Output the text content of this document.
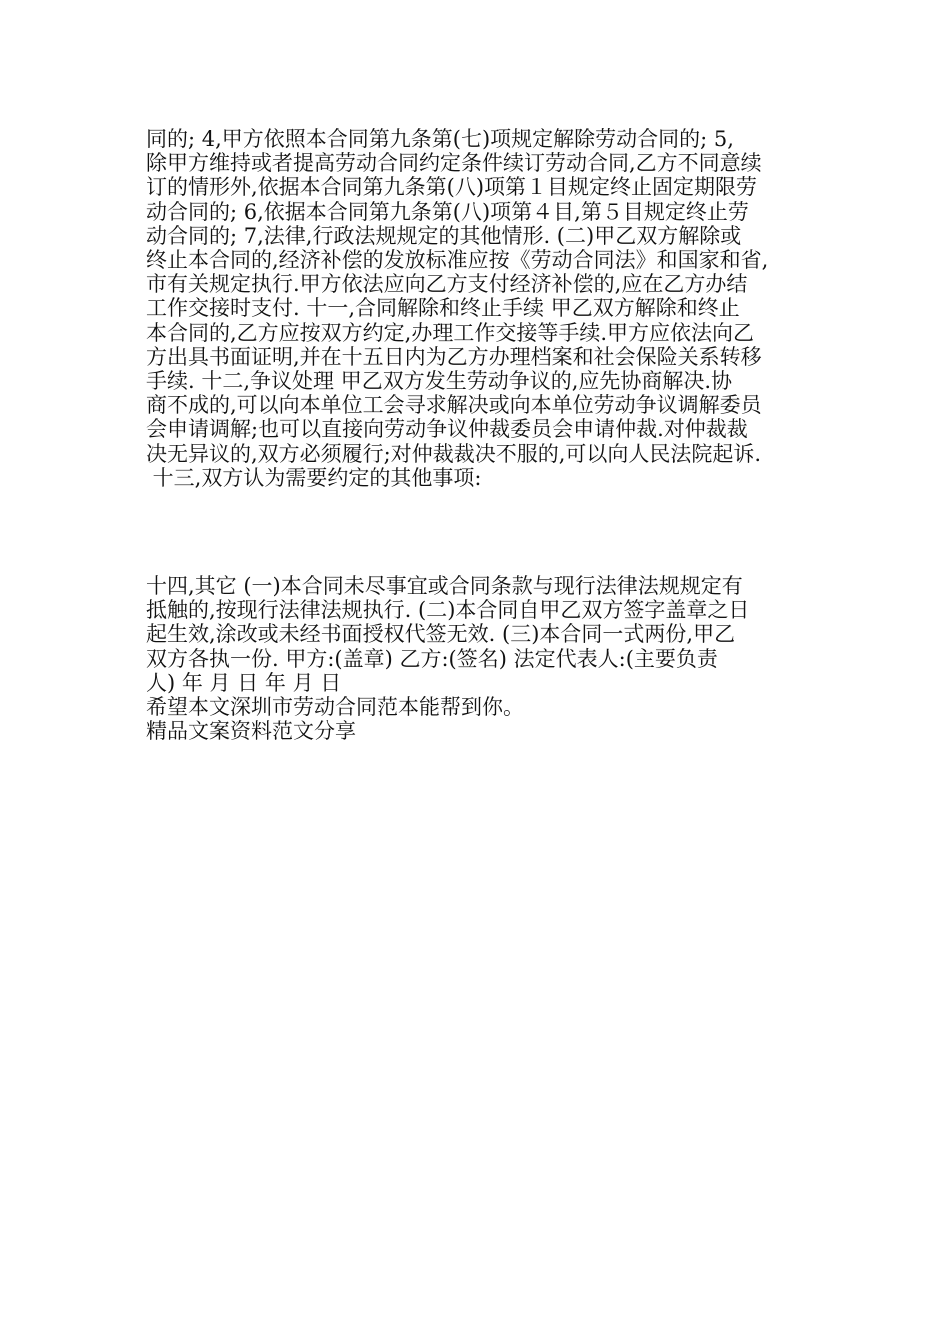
同的; 4,甲方依照本合同第九条第(七)项规定解除劳动合同的; 5,
除甲方维持或者提高劳动合同约定条件续订劳动合同,乙方不同意续
订的情形外,依据本合同第九条第(八)项第１目规定终止固定期限劳
动合同的; 6,依据本合同第九条第(八)项第４目,第５目规定终止劳
动合同的; 7,法律,行政法规规定的其他情形. (二)甲乙双方解除或
终止本合同的,经济补偿的发放标准应按《劳动合同法》和国家和省,
市有关规定执行.甲方依法应向乙方支付经济补偿的,应在乙方办结
工作交接时支付. 十一,合同解除和终止手续 甲乙双方解除和终止
本合同的,乙方应按双方约定,办理工作交接等手续.甲方应依法向乙
方出具书面证明,并在十五日内为乙方办理档案和社会保险关系转移
手续. 十二,争议处理 甲乙双方发生劳动争议的,应先协商解决.协
商不成的,可以向本单位工会寻求解决或向本单位劳动争议调解委员
会申请调解;也可以直接向劳动争议仲裁委员会申请仲裁.对仲裁裁
决无异议的,双方必须履行;对仲裁裁决不服的,可以向人民法院起诉.
十三,双方认为需要约定的其他事项:
十四,其它 (一)本合同未尽事宜或合同条款与现行法律法规规定有
抵触的,按现行法律法规执行. (二)本合同自甲乙双方签字盖章之日
起生效,涂改或未经书面授权代签无效. (三)本合同一式两份,甲乙
双方各执一份. 甲方:(盖章) 乙方:(签名) 法定代表人:(主要负责
人) 年 月 日 年 月 日
希望本文深圳市劳动合同范本能帮到你。
精品文案资料范文分享
